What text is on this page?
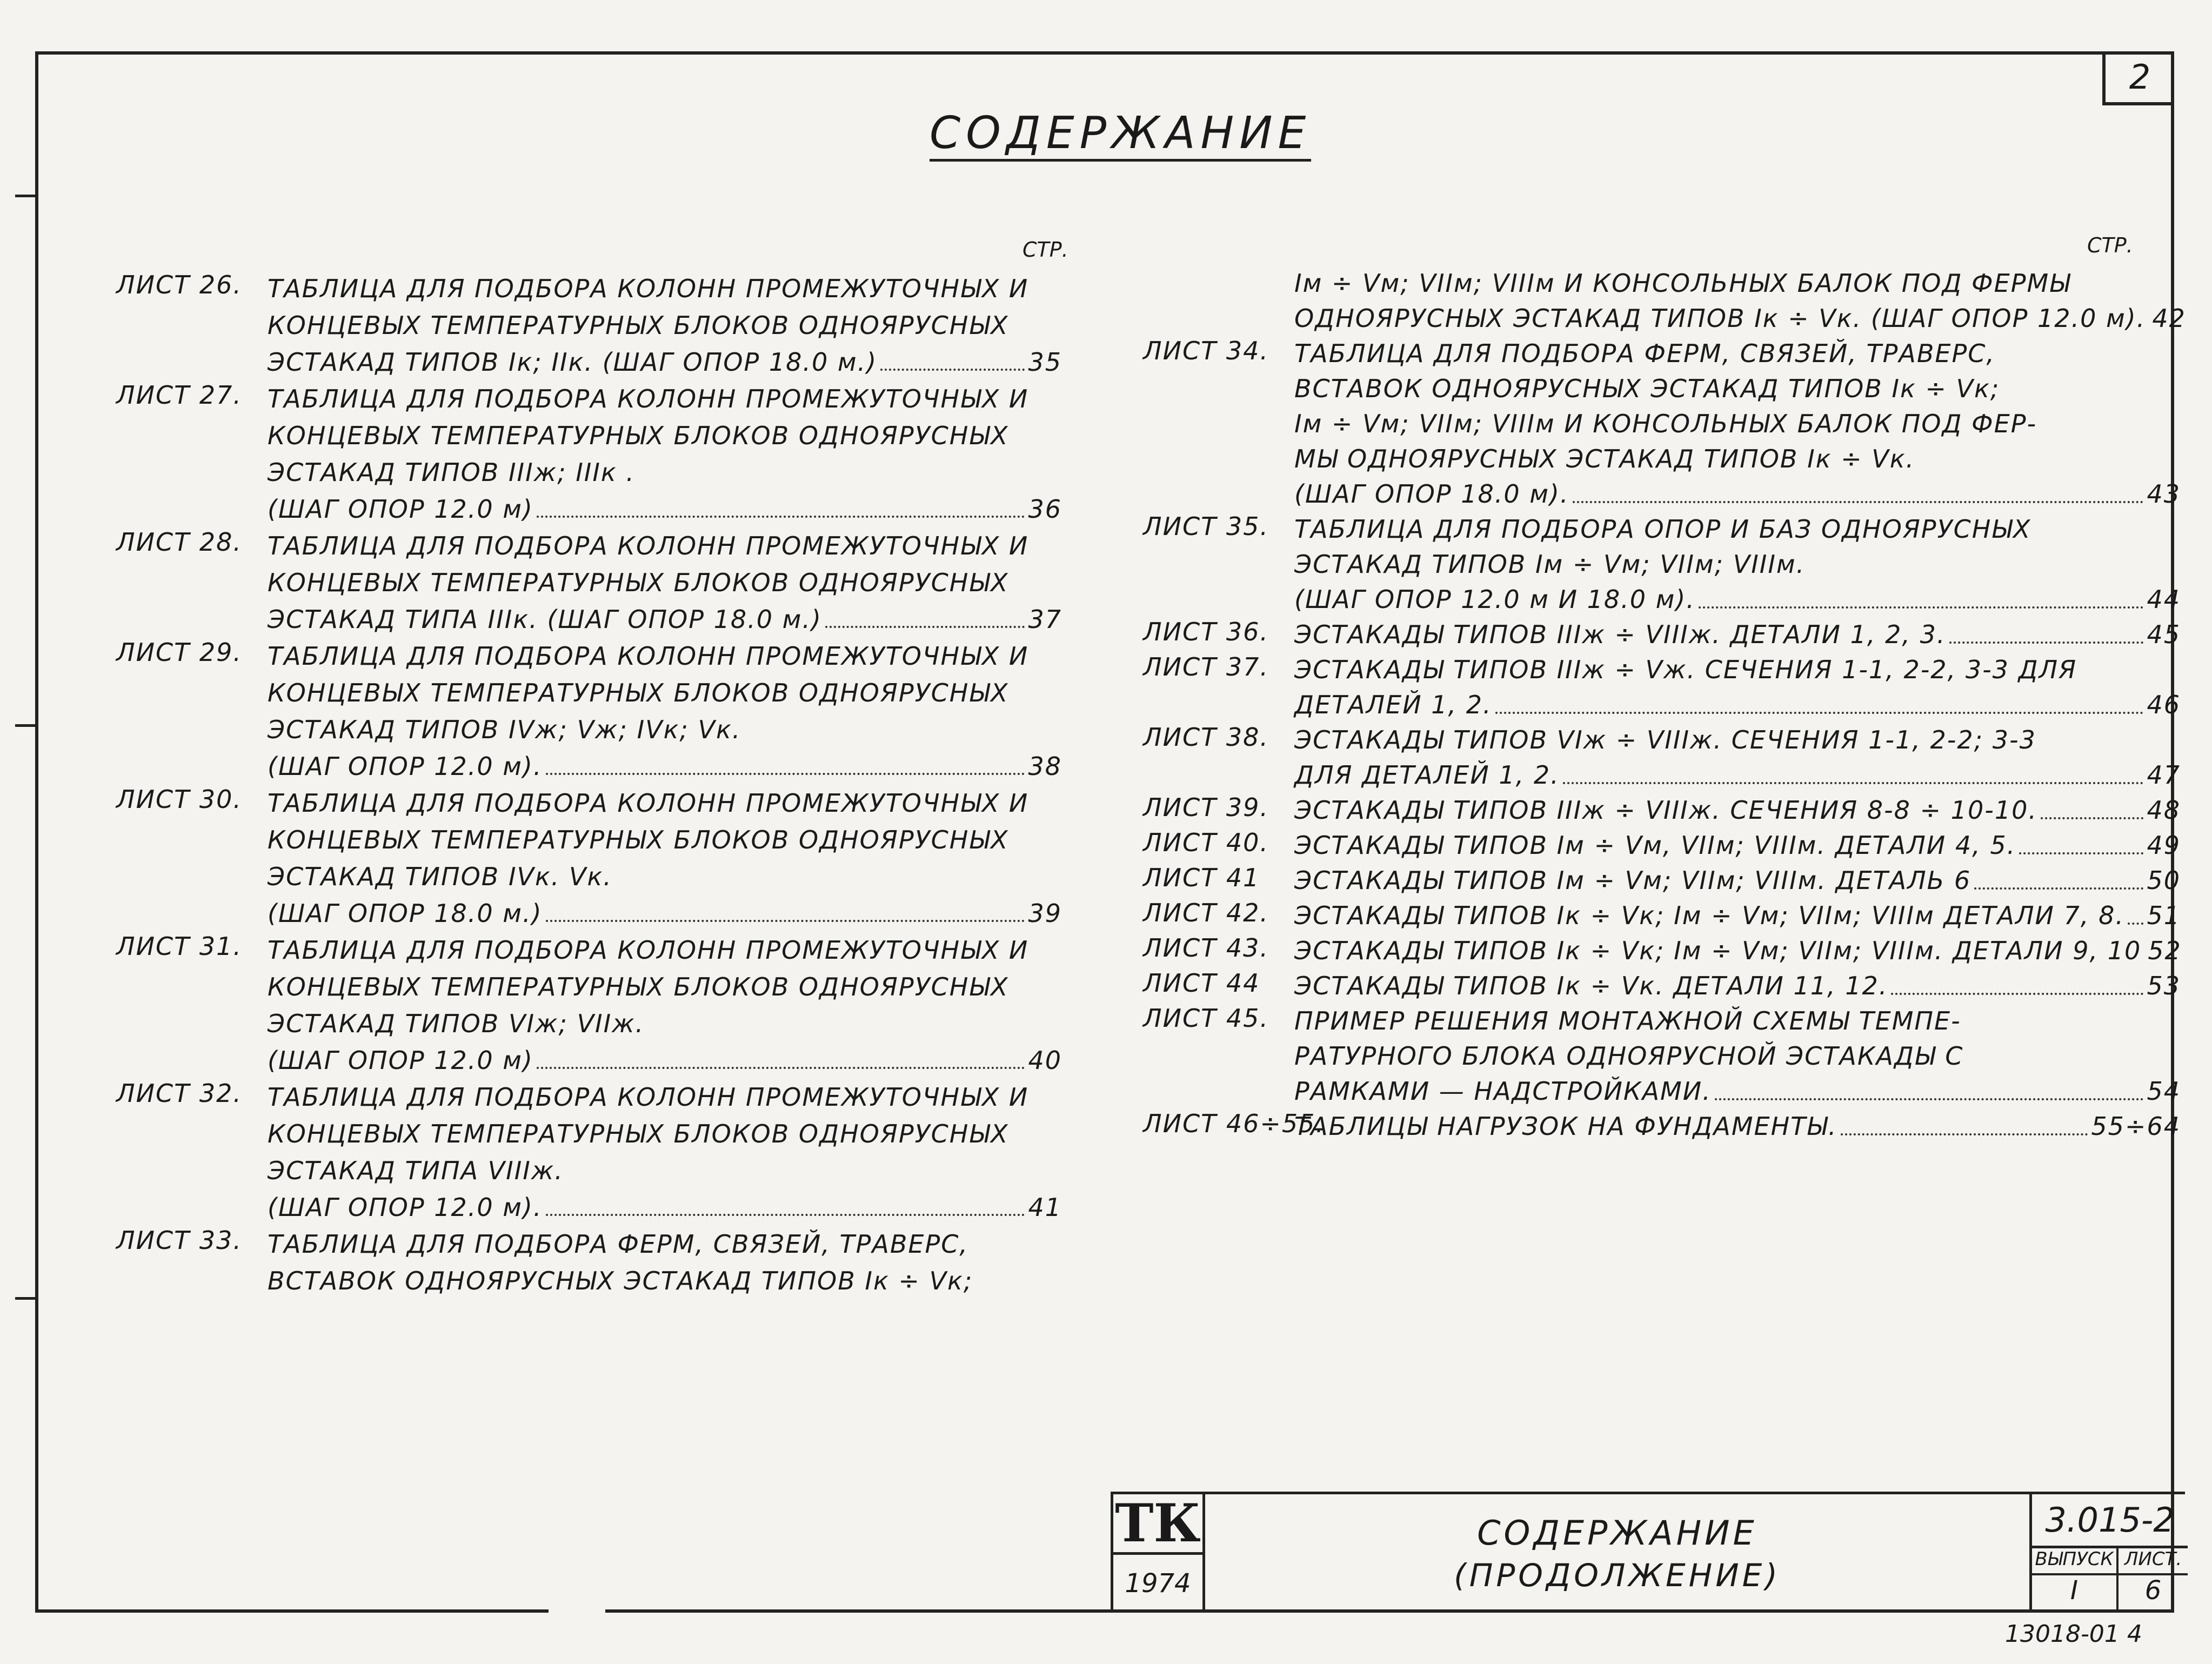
2
СОДЕРЖАНИЕ
СТР.	СТР.
ЛИСТ 26. ТАБЛИЦА ДЛЯ ПОДБОРА КОЛОНН ПРОМЕЖУТОЧНЫХ И
КОНЦЕВЫХ ТЕМПЕРАТУРНЫХ БЛОКОВ ОДНОЯРУСНЫХ
ЭСТАКАД ТИПОВ Iк; IIк. (ШАГ ОПОР 18.0 м.)	35
ЛИСТ 27. ТАБЛИЦА ДЛЯ ПОДБОРА КОЛОНН ПРОМЕЖУТОЧНЫХ И
КОНЦЕВЫХ ТЕМПЕРАТУРНЫХ БЛОКОВ ОДНОЯРУСНЫХ
ЭСТАКАД ТИПОВ IIIж; IIIк .
(ШАГ ОПОР 12.0 м)	36
ЛИСТ 28. ТАБЛИЦА ДЛЯ ПОДБОРА КОЛОНН ПРОМЕЖУТОЧНЫХ И
КОНЦЕВЫХ ТЕМПЕРАТУРНЫХ БЛОКОВ ОДНОЯРУСНЫХ
ЭСТАКАД ТИПА IIIк. (ШАГ ОПОР 18.0 м.)	37
ЛИСТ 29. ТАБЛИЦА ДЛЯ ПОДБОРА КОЛОНН ПРОМЕЖУТОЧНЫХ И
КОНЦЕВЫХ ТЕМПЕРАТУРНЫХ БЛОКОВ ОДНОЯРУСНЫХ
ЭСТАКАД ТИПОВ IVж; Vж; IVк; Vк.
(ШАГ ОПОР 12.0 м).	38
ЛИСТ 30. ТАБЛИЦА ДЛЯ ПОДБОРА КОЛОНН ПРОМЕЖУТОЧНЫХ И
КОНЦЕВЫХ ТЕМПЕРАТУРНЫХ БЛОКОВ ОДНОЯРУСНЫХ
ЭСТАКАД ТИПОВ IVк. Vк.
(ШАГ ОПОР 18.0 м.)	39
ЛИСТ 31. ТАБЛИЦА ДЛЯ ПОДБОРА КОЛОНН ПРОМЕЖУТОЧНЫХ И
КОНЦЕВЫХ ТЕМПЕРАТУРНЫХ БЛОКОВ ОДНОЯРУСНЫХ
ЭСТАКАД ТИПОВ VIж; VIIж.
(ШАГ ОПОР 12.0 м)	40
ЛИСТ 32. ТАБЛИЦА ДЛЯ ПОДБОРА КОЛОНН ПРОМЕЖУТОЧНЫХ И
КОНЦЕВЫХ ТЕМПЕРАТУРНЫХ БЛОКОВ ОДНОЯРУСНЫХ
ЭСТАКАД ТИПА VIIIж.
(ШАГ ОПОР 12.0 м).	41
ЛИСТ 33. ТАБЛИЦА ДЛЯ ПОДБОРА ФЕРМ, СВЯЗЕЙ, ТРАВЕРС,
ВСТАВОК ОДНОЯРУСНЫХ ЭСТАКАД ТИПОВ Iк ÷ Vк;
Iм ÷ Vм; VIIм; VIIIм И КОНСОЛЬНЫХ БАЛОК ПОД ФЕРМЫ
ОДНОЯРУСНЫХ ЭСТАКАД ТИПОВ Iк ÷ Vк. (ШАГ ОПОР 12.0 м). 42
ЛИСТ 34. ТАБЛИЦА ДЛЯ ПОДБОРА ФЕРМ, СВЯЗЕЙ, ТРАВЕРС,
ВСТАВОК ОДНОЯРУСНЫХ ЭСТАКАД ТИПОВ Iк ÷ Vк;
Iм ÷ Vм; VIIм; VIIIм И КОНСОЛЬНЫХ БАЛОК ПОД ФЕР-
МЫ ОДНОЯРУСНЫХ ЭСТАКАД ТИПОВ Iк ÷ Vк.
(ШАГ ОПОР 18.0 м).	43
ЛИСТ 35. ТАБЛИЦА ДЛЯ ПОДБОРА ОПОР И БАЗ ОДНОЯРУСНЫХ
ЭСТАКАД ТИПОВ Iм ÷ Vм; VIIм; VIIIм.
(ШАГ ОПОР 12.0 м И 18.0 м).	44
ЛИСТ 36. ЭСТАКАДЫ ТИПОВ IIIж ÷ VIIIж. ДЕТАЛИ 1, 2, 3.	45
ЛИСТ 37. ЭСТАКАДЫ ТИПОВ IIIж ÷ Vж. СЕЧЕНИЯ 1-1, 2-2, 3-3 ДЛЯ
ДЕТАЛЕЙ 1, 2.	46
ЛИСТ 38. ЭСТАКАДЫ ТИПОВ VIж ÷ VIIIж. СЕЧЕНИЯ 1-1, 2-2; 3-3
ДЛЯ ДЕТАЛЕЙ 1, 2.	47
ЛИСТ 39. ЭСТАКАДЫ ТИПОВ IIIж ÷ VIIIж. СЕЧЕНИЯ 8-8 ÷ 10-10.	48
ЛИСТ 40. ЭСТАКАДЫ ТИПОВ Iм ÷ Vм, VIIм; VIIIм. ДЕТАЛИ 4, 5.	49
ЛИСТ 41 ЭСТАКАДЫ ТИПОВ Iм ÷ Vм; VIIм; VIIIм. ДЕТАЛЬ 6	50
ЛИСТ 42. ЭСТАКАДЫ ТИПОВ Iк ÷ Vк; Iм ÷ Vм; VIIм; VIIIм ДЕТАЛИ 7, 8. 51
ЛИСТ 43. ЭСТАКАДЫ ТИПОВ Iк ÷ Vк; Iм ÷ Vм; VIIм; VIIIм. ДЕТАЛИ 9, 10 52
ЛИСТ 44 ЭСТАКАДЫ ТИПОВ Iк ÷ Vк. ДЕТАЛИ 11, 12.	53
ЛИСТ 45. ПРИМЕР РЕШЕНИЯ МОНТАЖНОЙ СХЕМЫ ТЕМПЕ-
РАТУРНОГО БЛОКА ОДНОЯРУСНОЙ ЭСТАКАДЫ С
РАМКАМИ — НАДСТРОЙКАМИ.	54
ЛИСТ 46÷55.
ТАБЛИЦЫ НАГРУЗОК НА ФУНДАМЕНТЫ.	55÷64
ТК
1974
СОДЕРЖАНИЕ
(ПРОДОЛЖЕНИЕ)
3.015-2
ВЫПУСК ЛИСТ.
I	6
13018-01 4
